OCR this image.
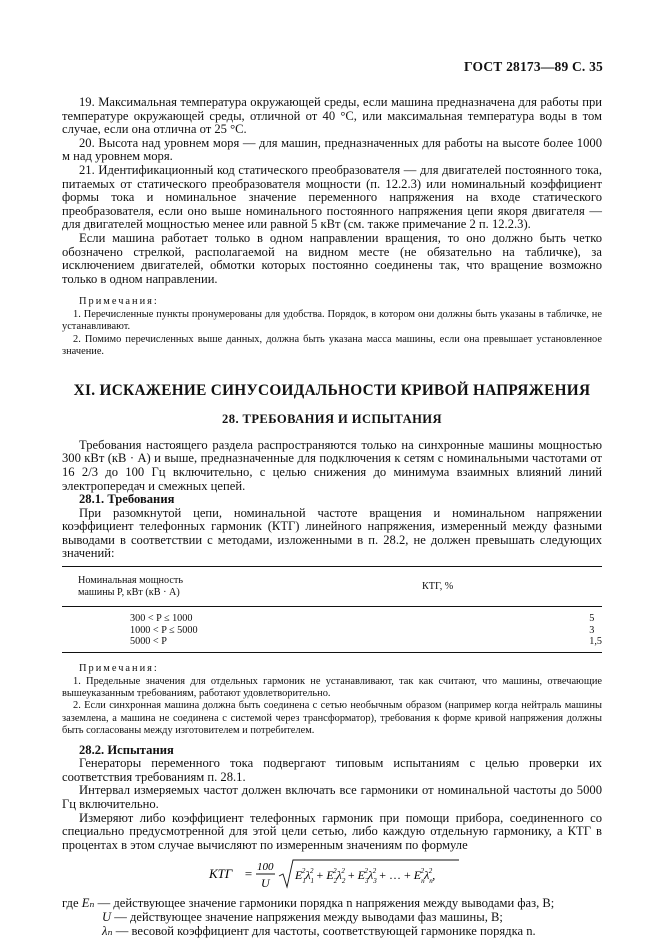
ГОСТ 28173—89 С. 35

19. Максимальная температура окружающей среды, если машина предназначена для работы при температуре окружающей среды, отличной от 40 °С, или максимальная температура воды в том случае, если она отлична от 25 °С.

20. Высота над уровнем моря — для машин, предназначенных для работы на высоте более 1000 м над уровнем моря.

21. Идентификационный код статического преобразователя — для двигателей постоянного тока, питаемых от статического преобразователя мощности (п. 12.2.3) или номинальный коэффициент формы тока и номинальное значение переменного напряжения на входе статического преобразователя, если оно выше номинального постоянного напряжения цепи якоря двигателя — для двигателей мощностью менее или равной 5 кВт (см. также примечание 2 п. 12.2.3).

Если машина работает только в одном направлении вращения, то оно должно быть четко обозначено стрелкой, располагаемой на видном месте (не обязательно на табличке), за исключением двигателей, обмотки которых постоянно соединены так, что вращение возможно только в одном направлении.

Примечания:

1. Перечисленные пункты пронумерованы для удобства. Порядок, в котором они должны быть указаны в табличке, не устанавливают.

2. Помимо перечисленных выше данных, должна быть указана масса машины, если она превышает установленное значение.

XI. ИСКАЖЕНИЕ СИНУСОИДАЛЬНОСТИ КРИВОЙ НАПРЯЖЕНИЯ

28. ТРЕБОВАНИЯ И ИСПЫТАНИЯ

Требования настоящего раздела распространяются только на синхронные машины мощностью 300 кВт (кВ · А) и выше, предназначенные для подключения к сетям с номинальными частотами от 16 2/3 до 100 Гц включительно, с целью снижения до минимума взаимных влияний линий электропередач и смежных цепей.

28.1. Требования

При разомкнутой цепи, номинальной частоте вращения и номинальном напряжении коэффициент телефонных гармоник (КТГ) линейного напряжения, измеренный между фазными выводами в соответствии с методами, изложенными в п. 28.2, не должен превышать следующих значений:

Номинальная мощность машины P, кВт (кВ · А)	КТГ, %
300 < P ≤ 1000	5
1000 < P ≤ 5000	3
5000 < P	1,5

Примечания:

1. Предельные значения для отдельных гармоник не устанавливают, так как считают, что машины, отвечающие вышеуказанным требованиям, работают удовлетворительно.

2. Если синхронная машина должна быть соединена с сетью необычным образом (например когда нейтраль машины заземлена, а машина не соединена с системой через трансформатор), требования к форме кривой напряжения должны быть согласованы между изготовителем и потребителем.

28.2. Испытания

Генераторы переменного тока подвергают типовым испытаниям с целью проверки их соответствия требованиям п. 28.1.

Интервал измеряемых частот должен включать все гармоники от номинальной частоты до 5000 Гц включительно.

Измеряют либо коэффициент телефонных гармоник при помощи прибора, соединенного со специально предусмотренной для этой цели сетью, либо каждую отдельную гармонику, а КТГ в процентах в этом случае вычисляют по измеренным значениям по формуле

КТГ = 100
U
$E_12\lambda_12 + E_22\lambda_22 + E_32\lambda_32$ + … + $E_n2\lambda_n2$,

где Eₙ — действующее значение гармоники порядка n напряжения между выводами фаз, В;

U — действующее значение напряжения между выводами фаз машины, В;

λₙ — весовой коэффициент для частоты, соответствующей гармонике порядка n.
